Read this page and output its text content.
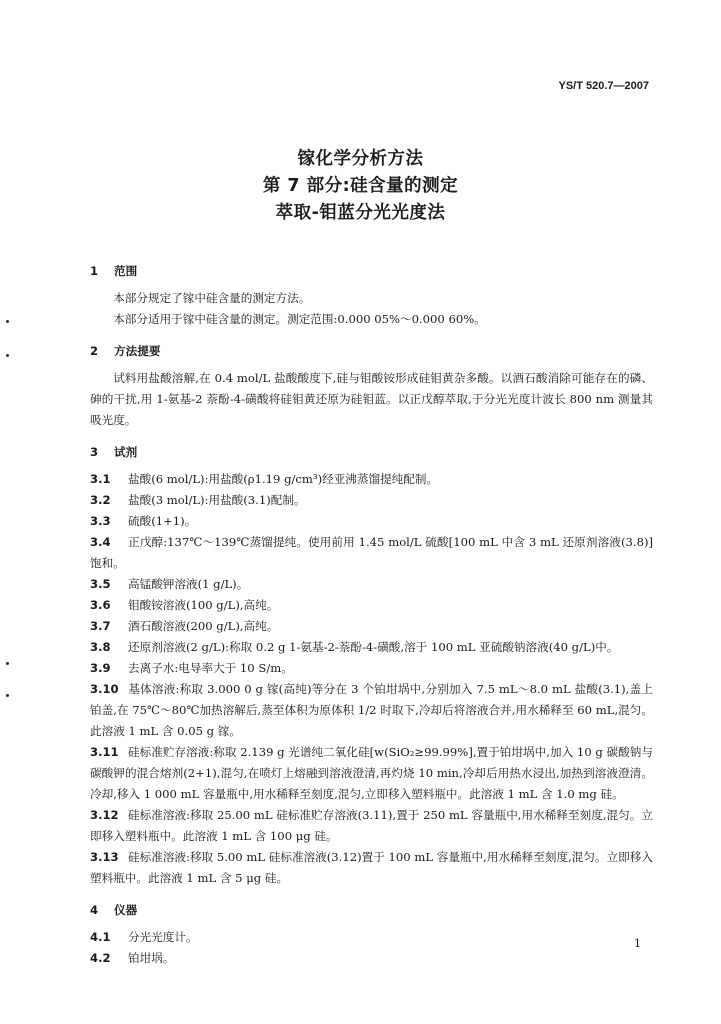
YS/T 520.7—2007
镓化学分析方法
第 7 部分:硅含量的测定
萃取-钼蓝分光光度法

1 范围

本部分规定了镓中硅含量的测定方法。

本部分适用于镓中硅含量的测定。测定范围:0.000 05%～0.000 60%。

2 方法提要

试料用盐酸溶解,在 0.4 mol/L 盐酸酸度下,硅与钼酸铵形成硅钼黄杂多酸。以酒石酸消除可能存在的磷、砷的干扰,用 1-氨基-2 萘酚-4-磺酸将硅钼黄还原为硅钼蓝。以正戊醇萃取,于分光光度计波长 800 nm 测量其吸光度。

3 试剂

3.1 盐酸(6 mol/L):用盐酸(ρ1.19 g/cm³)经亚沸蒸馏提纯配制。

3.2 盐酸(3 mol/L):用盐酸(3.1)配制。

3.3 硫酸(1+1)。

3.4 正戊醇:137℃～139℃蒸馏提纯。使用前用 1.45 mol/L 硫酸[100 mL 中含 3 mL 还原剂溶液(3.8)]饱和。

3.5 高锰酸钾溶液(1 g/L)。

3.6 钼酸铵溶液(100 g/L),高纯。

3.7 酒石酸溶液(200 g/L),高纯。

3.8 还原剂溶液(2 g/L):称取 0.2 g 1-氨基-2-萘酚-4-磺酸,溶于 100 mL 亚硫酸钠溶液(40 g/L)中。

3.9 去离子水:电导率大于 10 S/m。

3.10 基体溶液:称取 3.000 0 g 镓(高纯)等分在 3 个铂坩埚中,分别加入 7.5 mL～8.0 mL 盐酸(3.1),盖上铂盖,在 75℃～80℃加热溶解后,蒸至体积为原体积 1/2 时取下,冷却后将溶液合并,用水稀释至 60 mL,混匀。此溶液 1 mL 含 0.05 g 镓。

3.11 硅标准贮存溶液:称取 2.139 g 光谱纯二氧化硅[w(SiO₂≥99.99%],置于铂坩埚中,加入 10 g 碳酸钠与碳酸钾的混合熔剂(2+1),混匀,在喷灯上熔融到溶液澄清,再灼烧 10 min,冷却后用热水浸出,加热到溶液澄清。冷却,移入 1 000 mL 容量瓶中,用水稀释至刻度,混匀,立即移入塑料瓶中。此溶液 1 mL 含 1.0 mg 硅。

3.12 硅标准溶液:移取 25.00 mL 硅标准贮存溶液(3.11),置于 250 mL 容量瓶中,用水稀释至刻度,混匀。立即移入塑料瓶中。此溶液 1 mL 含 100 μg 硅。

3.13 硅标准溶液:移取 5.00 mL 硅标准溶液(3.12)置于 100 mL 容量瓶中,用水稀释至刻度,混匀。立即移入塑料瓶中。此溶液 1 mL 含 5 μg 硅。

4 仪器

4.1 分光光度计。

4.2 铂坩埚。

1
